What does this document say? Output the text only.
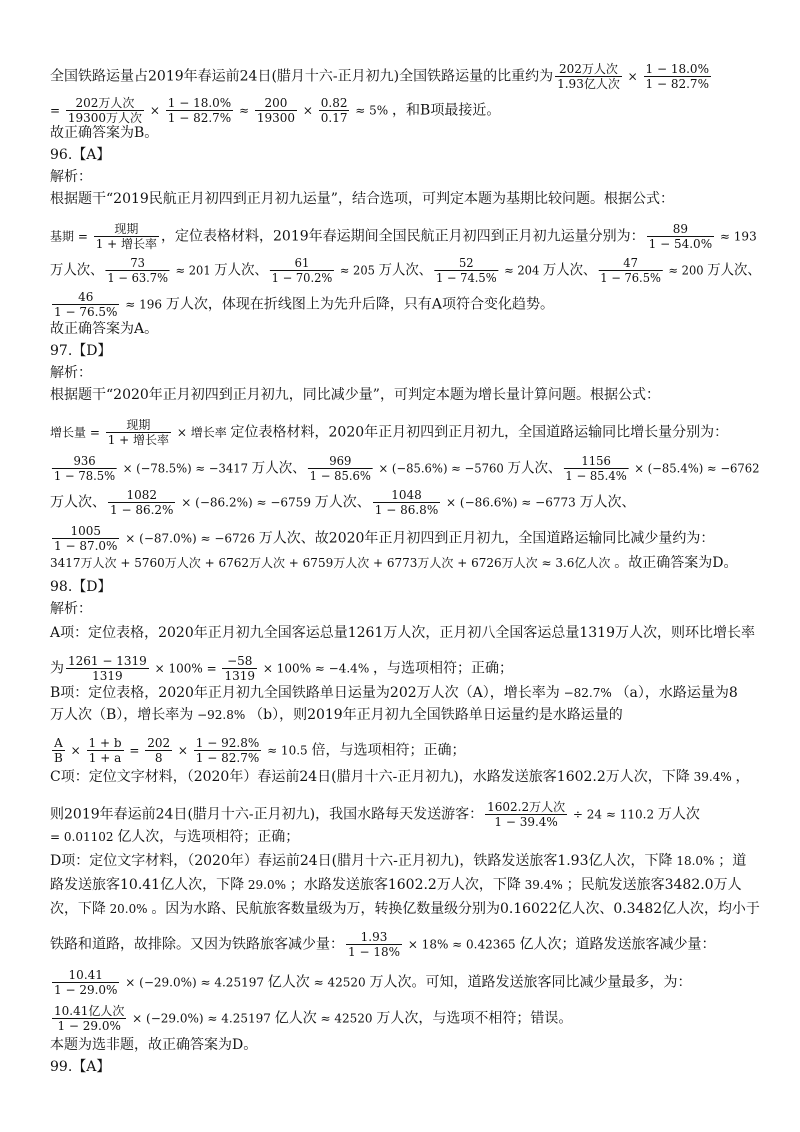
全国铁路运量占2019年春运前24日(腊月十六-正月初九)全国铁路运量的比重约为 202万人次
1.93亿人次
× $\frac{1 - 18.0\%}{1 - 82.7\%}$
=
202万人次
19300万人次
× $\frac{1 - 18.0\%}{1 - 82.7\%} \approx \frac{200}{19300} \times \frac{0.82}{0.17} \approx 5\%$ ，和B项最接近。
故正确答案为B。
96.【A】
解析：
根据题干“2019民航正月初四到正月初九运量”，结合选项，可判定本题为基期比较问题。根据公式：
基期 =
现期
1 + 增长率 ，定位表格材料，2019年春运期间全国民航正月初四到正月初九运量分别为： $\frac{89}{1 - 54.0\%} \approx 193$
万人次、 $\frac{73}{1 - 63.7\%} \approx 201$ 万人次、 $\frac{61}{1 - 70.2\%} \approx 205$ 万人次、 $\frac{52}{1 - 74.5\%} \approx 204$ 万人次、 $\frac{47}{1 - 76.5\%} \approx 200$ 万人次、
$\frac{46}{1 - 76.5\%} \approx 196$ 万人次，体现在折线图上为先升后降，只有A项符合变化趋势。
故正确答案为A。
97.【D】
解析：
根据题干“2020年正月初四到正月初九，同比减少量”，可判定本题为增长量计算问题。根据公式：
增长量 =
现期
1 + 增长率
× 增长率 定位表格材料，2020年正月初四到正月初九，全国道路运输同比增长量分别为：
$\frac{936}{1 - 78.5\%} \times (-78.5\%) \approx -3417$ 万人次、 $\frac{969}{1 - 85.6\%} \times (-85.6\%) \approx -5760$ 万人次、 $\frac{1156}{1 - 85.4\%} \times (-85.4\%) \approx -6762$
万人次、 $\frac{1082}{1 - 86.2\%} \times (-86.2\%) \approx -6759$ 万人次、 $\frac{1048}{1 - 86.8\%} \times (-86.6\%) \approx -6773$ 万人次、
$\frac{1005}{1 - 87.0\%} \times (-87.0\%) \approx -6726$ 万人次、故2020年正月初四到正月初九，全国道路运输同比减少量约为：
3417万人次 + 5760万人次 + 6762万人次 + 6759万人次 + 6773万人次 + 6726万人次 ≈ 3.6亿人次 。故正确答案为D。
98.【D】
解析：
A项：定位表格，2020年正月初九全国客运总量1261万人次，正月初八全国客运总量1319万人次，则环比增长率
为 $\frac{1261 - 1319}{1319} \times 100\% = \frac{-58}{1319} \times 100\% \approx -4.4\%$ ，与选项相符；正确；
B项：定位表格，2020年正月初九全国铁路单日运量为202万人次（A），增长率为 −82.7% （a），水路运量为8
万人次（B），增长率为 −92.8% （b），则2019年正月初九全国铁路单日运量约是水路运量的
$\frac{A}{B} \times \frac{1 + b}{1 + a} = \frac{202}{8} \times \frac{1 - 92.8\%}{1 - 82.7\%} \approx 10.5$ 倍，与选项相符；正确；
C项：定位文字材料，（2020年）春运前24日(腊月十六-正月初九)，水路发送旅客1602.2万人次，下降 39.4% ，
则2019年春运前24日(腊月十六-正月初九)，我国水路每天发送游客： 1602.2万人次
1 − 39.4%
÷ 24 ≈ 110.2 万人次
= 0.01102 亿人次，与选项相符；正确；
D项：定位文字材料，（2020年）春运前24日(腊月十六-正月初九)，铁路发送旅客1.93亿人次，下降 18.0% ；道
路发送旅客10.41亿人次，下降 29.0% ；水路发送旅客1602.2万人次，下降 39.4% ；民航发送旅客3482.0万人
次，下降 20.0% 。因为水路、民航旅客数量级为万，转换亿数量级分别为0.16022亿人次、0.3482亿人次，均小于
铁路和道路，故排除。又因为铁路旅客减少量： $\frac{1.93}{1 - 18\%} \times 18\% \approx 0.42365$ 亿人次；道路发送旅客减少量：
$\frac{10.41}{1 - 29.0\%} \times (-29.0\%) \approx 4.25197$ 亿人次 ≈ 42520 万人次。可知，道路发送旅客同比减少量最多，为：
10.41亿人次
1 − 29.0%
× (−29.0%) ≈ 4.25197 亿人次 ≈ 42520 万人次，与选项不相符；错误。
本题为选非题，故正确答案为D。
99.【A】
